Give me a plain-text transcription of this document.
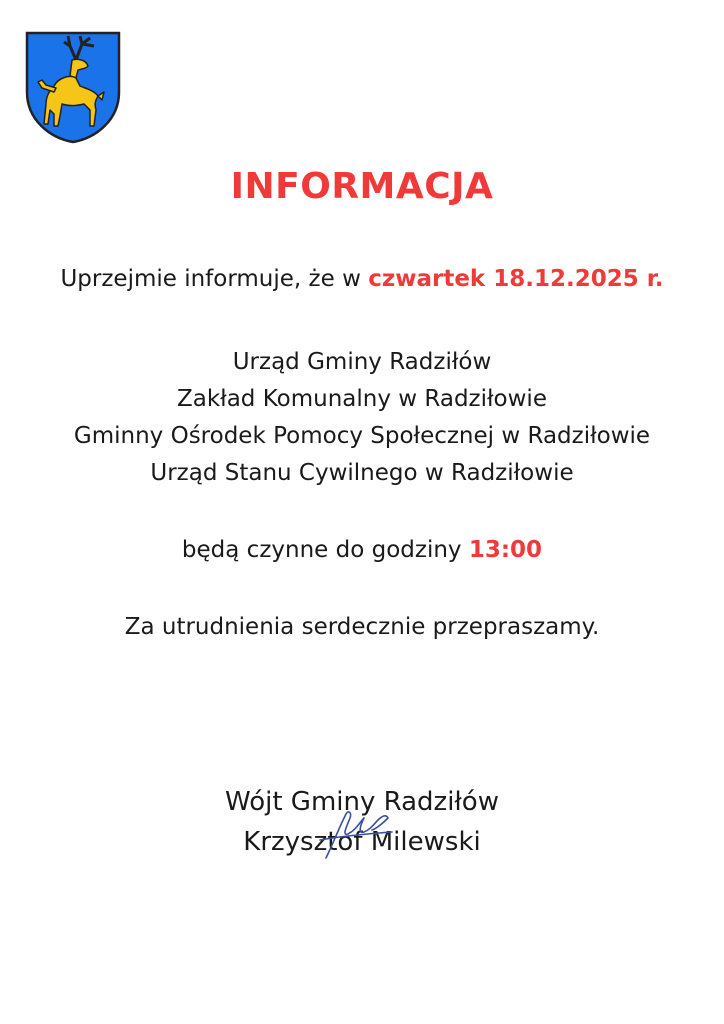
INFORMACJA
Uprzejmie informuje, że w czwartek 18.12.2025 r.
Urząd Gminy Radziłów
Zakład Komunalny w Radziłowie
Gminny Ośrodek Pomocy Społecznej w Radziłowie
Urząd Stanu Cywilnego w Radziłowie
będą czynne do godziny 13:00
Za utrudnienia serdecznie przepraszamy.
Wójt Gminy Radziłów
Krzysztof Milewski
